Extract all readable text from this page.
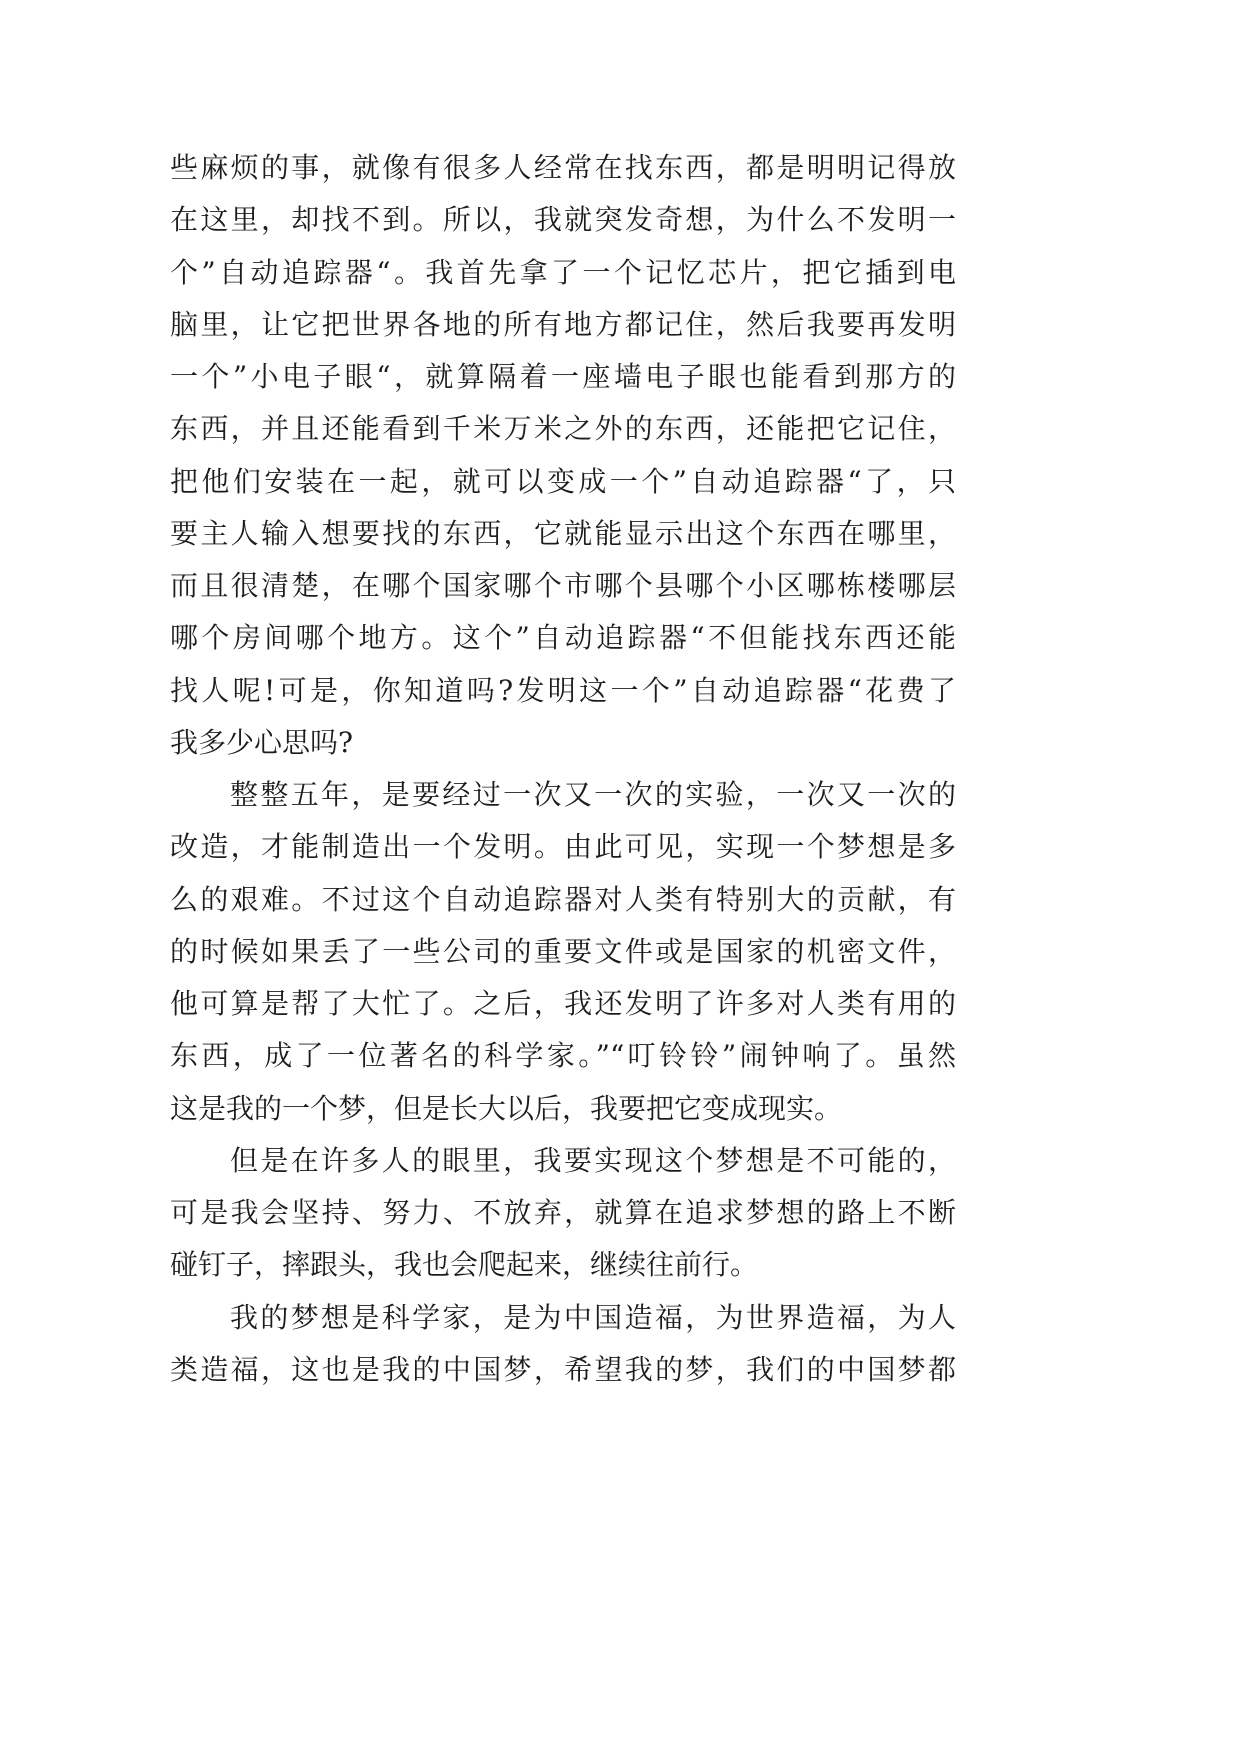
些麻烦的事，就像有很多人经常在找东西，都是明明记得放
在这里，却找不到。所以，我就突发奇想，为什么不发明一
个”自动追踪器“。我首先拿了一个记忆芯片，把它插到电
脑里，让它把世界各地的所有地方都记住，然后我要再发明
一个”小电子眼“，就算隔着一座墙电子眼也能看到那方的
东西，并且还能看到千米万米之外的东西，还能把它记住，
把他们安装在一起，就可以变成一个”自动追踪器“了，只
要主人输入想要找的东西，它就能显示出这个东西在哪里，
而且很清楚，在哪个国家哪个市哪个县哪个小区哪栋楼哪层
哪个房间哪个地方。这个”自动追踪器“不但能找东西还能
找人呢!可是，你知道吗?发明这一个”自动追踪器“花费了
我多少心思吗?
整整五年，是要经过一次又一次的实验，一次又一次的
改造，才能制造出一个发明。由此可见，实现一个梦想是多
么的艰难。不过这个自动追踪器对人类有特别大的贡献，有
的时候如果丢了一些公司的重要文件或是国家的机密文件，
他可算是帮了大忙了。之后，我还发明了许多对人类有用的
东西，成了一位著名的科学家。”“叮铃铃”闹钟响了。虽然
这是我的一个梦，但是长大以后，我要把它变成现实。
但是在许多人的眼里，我要实现这个梦想是不可能的，
可是我会坚持、努力、不放弃，就算在追求梦想的路上不断
碰钉子，摔跟头，我也会爬起来，继续往前行。
我的梦想是科学家，是为中国造福，为世界造福，为人
类造福，这也是我的中国梦，希望我的梦，我们的中国梦都
